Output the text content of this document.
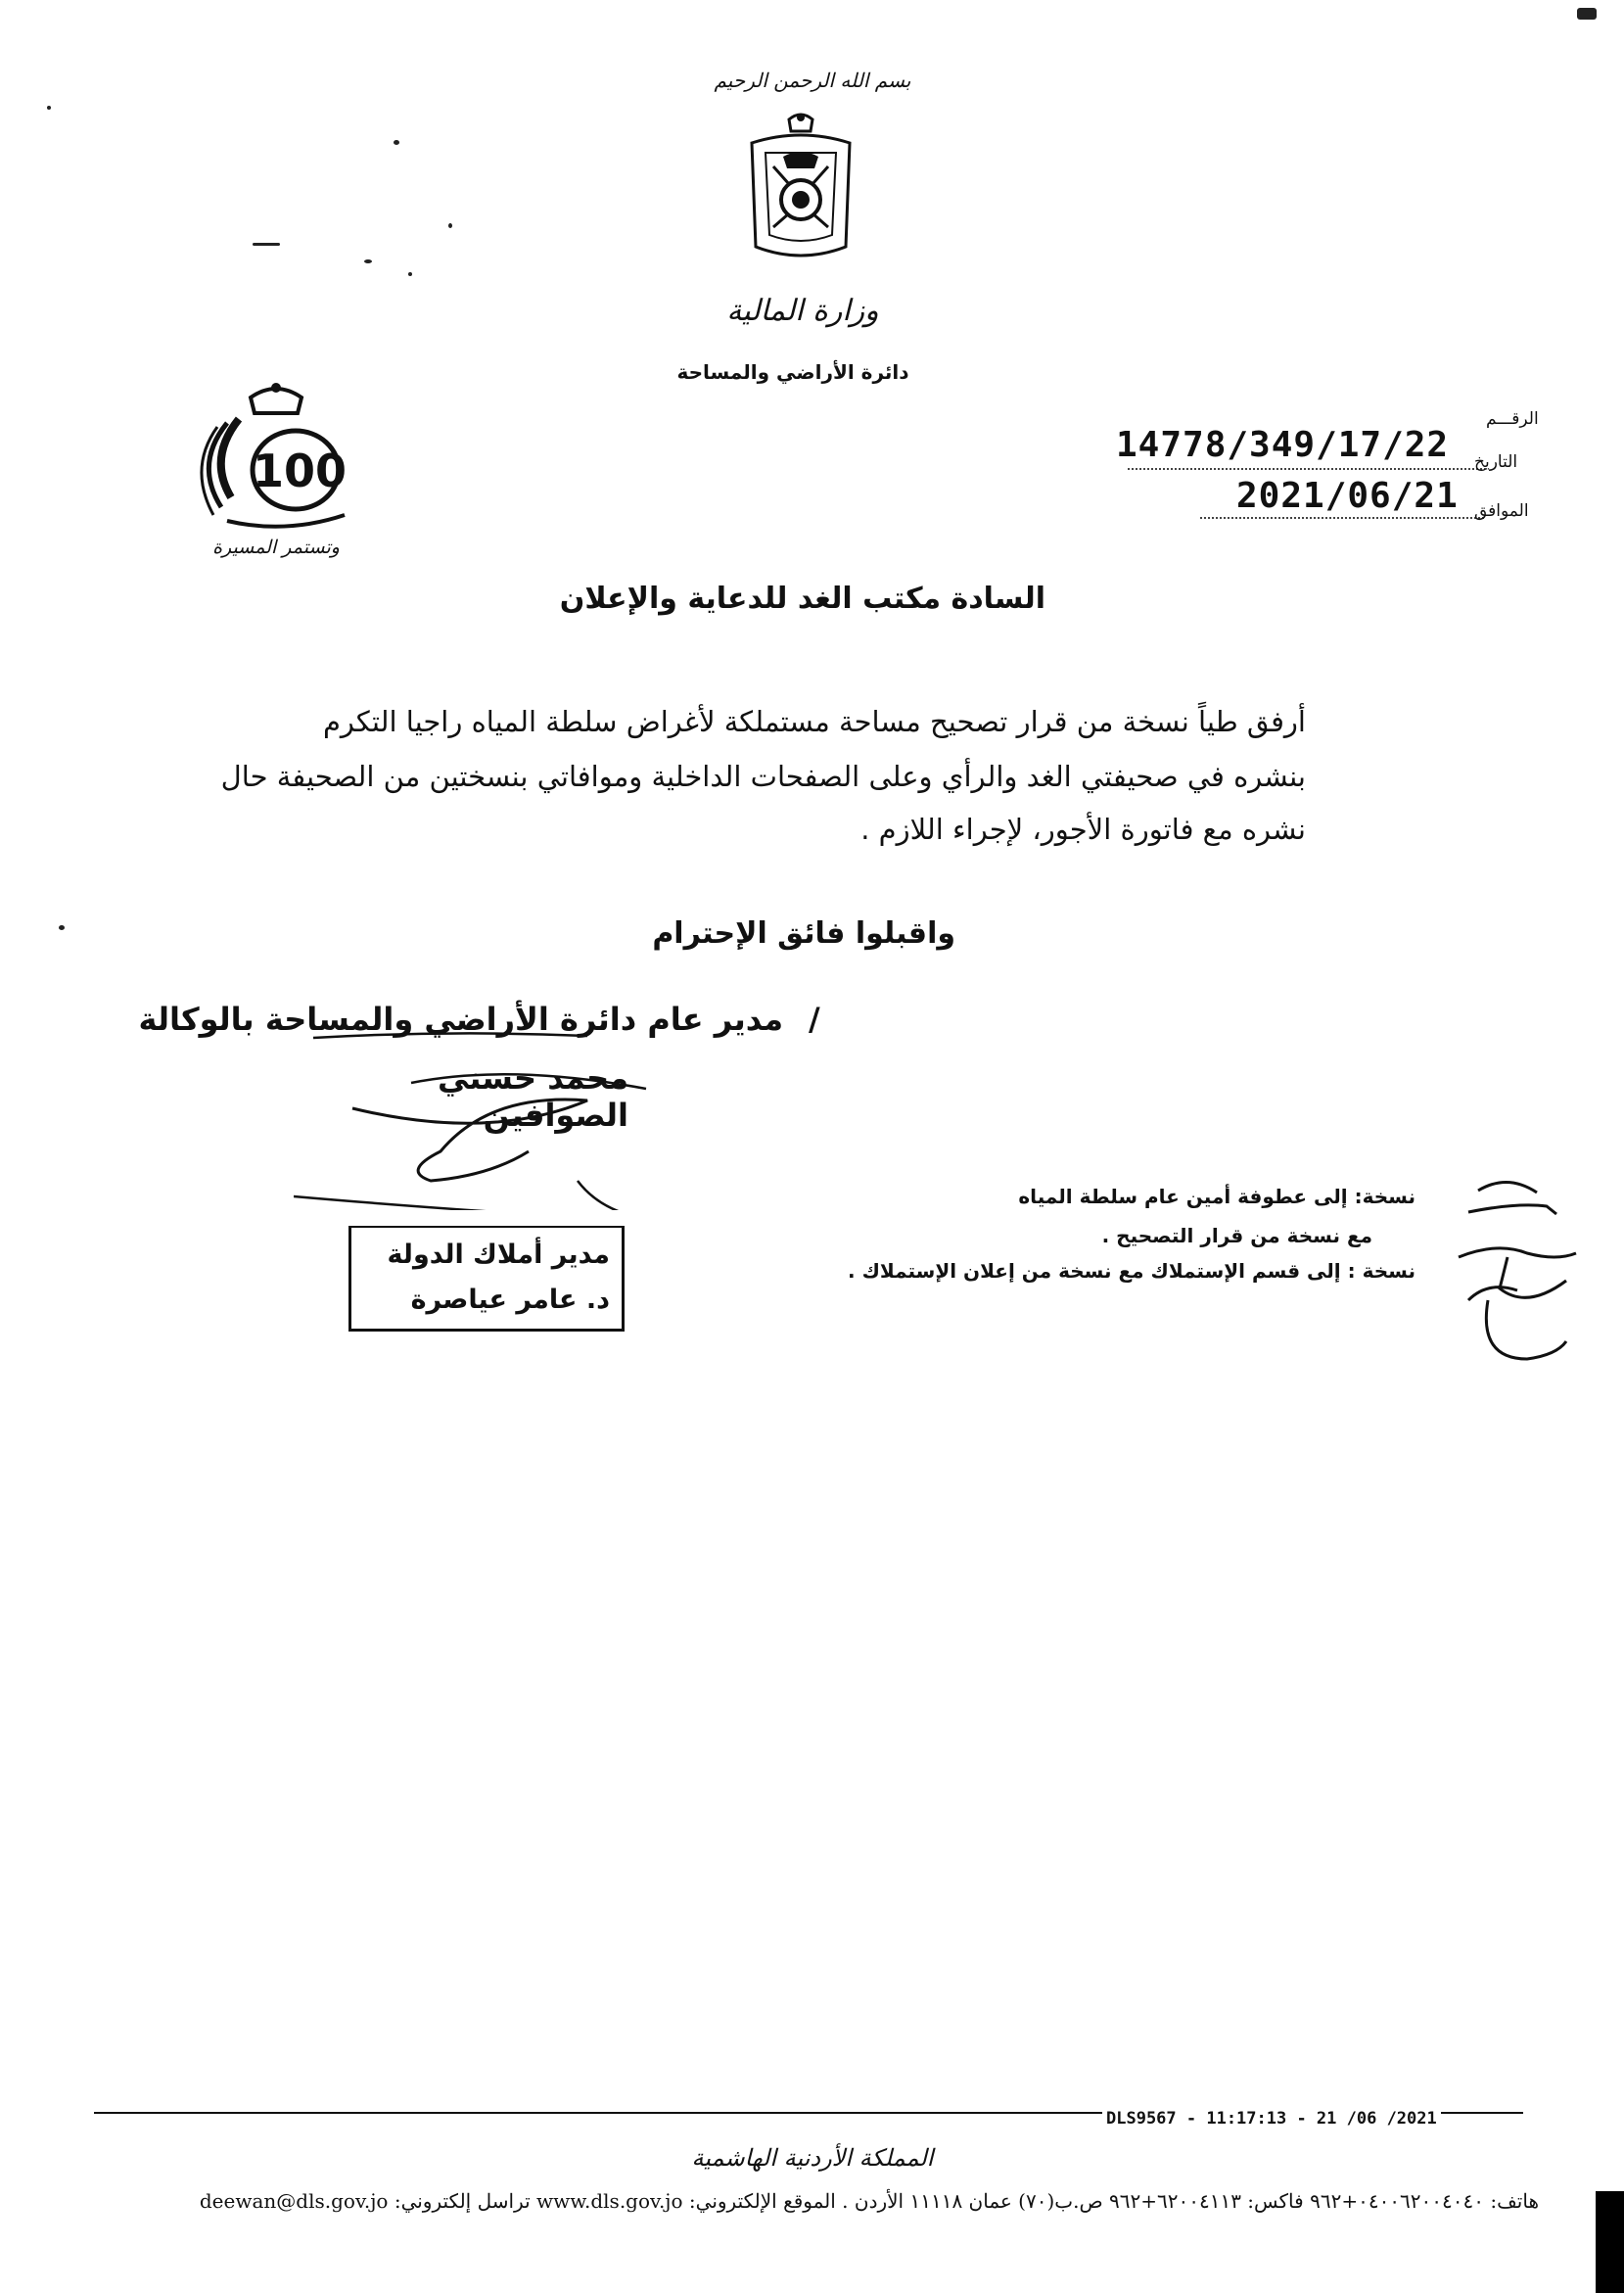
بسم الله الرحمن الرحيم
وزارة المالية
دائرة الأراضي والمساحة
100
وتستمر المسيرة
الرقـــم
14778/349/17/22 التاريخ
2021/06/21 الموافق
السادة مكتب الغد للدعاية والإعلان
أرفق طياً نسخة من قرار تصحيح مساحة مستملكة لأغراض سلطة المياه راجيا التكرم
بنشره في صحيفتي الغد والرأي وعلى الصفحات الداخلية وموافاتي بنسختين من الصحيفة حال
نشره مع فاتورة الأجور، لإجراء اللازم .
واقبلوا فائق الإحترام
مدير عام دائرة الأراضي والمساحة بالوكالة /
محمد حسني الصوافين
مدير أملاك الدولة
د. عامر عياصرة
نسخة: إلى عطوفة أمين عام سلطة المياه
مع نسخة من قرار التصحيح .
نسخة : إلى قسم الإستملاك مع نسخة من إعلان الإستملاك .
DLS9567 - 11:17:13 - 21 /06 /2021
المملكة الأردنية الهاشمية
هاتف: ٠٤٠٠٦٢٠٠٤٠٤٠+٩٦٢ فاكس: ٦٢٠٠٤١١٣+٩٦٢ ص.ب(٧٠) عمان ١١١١٨ الأردن . الموقع الإلكتروني: www.dls.gov.jo تراسل إلكتروني: deewan@dls.gov.jo
